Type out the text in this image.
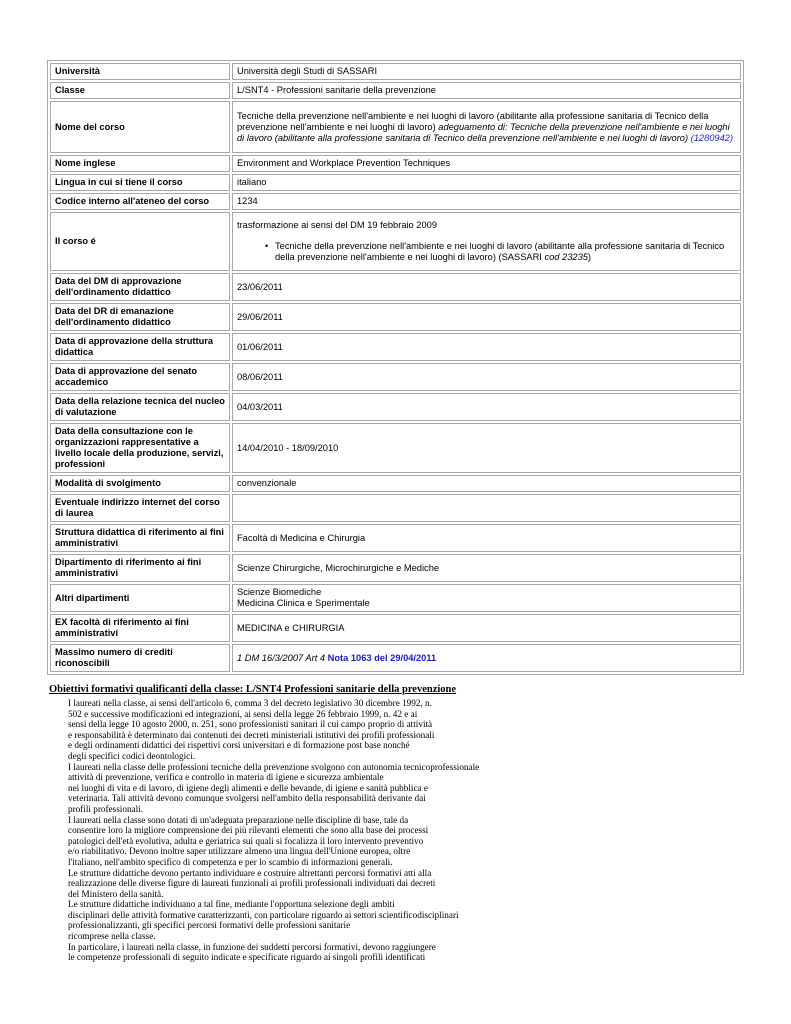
Università	Università degli Studi di SASSARI
Classe	L/SNT4 - Professioni sanitarie della prevenzione
Nome del corso	Tecniche della prevenzione nell'ambiente e nei luoghi di lavoro (abilitante alla professione sanitaria di Tecnico della prevenzione nell'ambiente e nei luoghi di lavoro) adeguamento di: Tecniche della prevenzione nell'ambiente e nei luoghi di lavoro (abilitante alla professione sanitaria di Tecnico della prevenzione nell'ambiente e nei luoghi di lavoro) (1280942)
Nome inglese	Environment and Workplace Prevention Techniques
Lingua in cui si tiene il corso	italiano
Codice interno all'ateneo del corso	1234
Il corso é	trasformazione ai sensi del DM 19 febbraio 2009
• Tecniche della prevenzione nell'ambiente e nei luoghi di lavoro (abilitante alla professione sanitaria di Tecnico della prevenzione nell'ambiente e nei luoghi di lavoro) (SASSARI cod 23235)

Data del DM di approvazione dell'ordinamento didattico	23/06/2011
Data del DR di emanazione dell'ordinamento didattico	29/06/2011
Data di approvazione della struttura didattica	01/06/2011
Data di approvazione del senato accademico	08/06/2011
Data della relazione tecnica del nucleo di valutazione	04/03/2011
Data della consultazione con le organizzazioni rappresentative a livello locale della produzione, servizi, professioni	14/04/2010 - 18/09/2010
Modalità di svolgimento	convenzionale
Eventuale indirizzo internet del corso di laurea	
Struttura didattica di riferimento ai fini amministrativi	Facoltà di Medicina e Chirurgia
Dipartimento di riferimento ai fini amministrativi	Scienze Chirurgiche, Microchirurgiche e Mediche
Altri dipartimenti	Scienze Biomediche
Medicina Clinica e Sperimentale

EX facoltà di riferimento ai fini amministrativi	MEDICINA e CHIRURGIA
Massimo numero di crediti riconoscibili	1 DM 16/3/2007 Art 4 Nota 1063 del 29/04/2011
Obiettivi formativi qualificanti della classe: L/SNT4 Professioni sanitarie della prevenzione
I laureati nella classe, ai sensi dell'articolo 6, comma 3 del decreto legislativo 30 dicembre 1992, n.
502 e successive modificazioni ed integrazioni, ai sensi della legge 26 febbraio 1999, n. 42 e ai
sensi della legge 10 agosto 2000, n. 251, sono professionisti sanitari il cui campo proprio di attività
e responsabilità è determinato dai contenuti dei decreti ministeriali istitutivi dei profili professionali
e degli ordinamenti didattici dei rispettivi corsi universitari e di formazione post base nonché
degli specifici codici deontologici.
I laureati nella classe delle professioni tecniche della prevenzione svolgono con autonomia tecnicoprofessionale
attività di prevenzione, verifica e controllo in materia di igiene e sicurezza ambientale
nei luoghi di vita e di lavoro, di igiene degli alimenti e delle bevande, di igiene e sanità pubblica e
veterinaria. Tali attività devono comunque svolgersi nell'ambito della responsabilità derivante dai
profili professionali.
I laureati nella classe sono dotati di un'adeguata preparazione nelle discipline di base, tale da
consentire loro la migliore comprensione dei più rilevanti elementi che sono alla base dei processi
patologici dell'età evolutiva, adulta e geriatrica sui quali si focalizza il loro intervento preventivo
e/o riabilitativo. Devono inoltre saper utilizzare almeno una lingua dell'Unione europea, oltre
l'italiano, nell'ambito specifico di competenza e per lo scambio di informazioni generali.
Le strutture didattiche devono pertanto individuare e costruire altrettanti percorsi formativi atti alla
realizzazione delle diverse figure di laureati funzionali ai profili professionali individuati dai decreti
del Ministero della sanità.
Le strutture didattiche individuano a tal fine, mediante l'opportuna selezione degli ambiti
disciplinari delle attività formative caratterizzanti, con particolare riguardo ai settori scientificodisciplinari
professionalizzanti, gli specifici percorsi formativi delle professioni sanitarie
ricomprese nella classe.
In particolare, i laureati nella classe, in funzione dei suddetti percorsi formativi, devono raggiungere
le competenze professionali di seguito indicate e specificate riguardo ai singoli profili identificati
